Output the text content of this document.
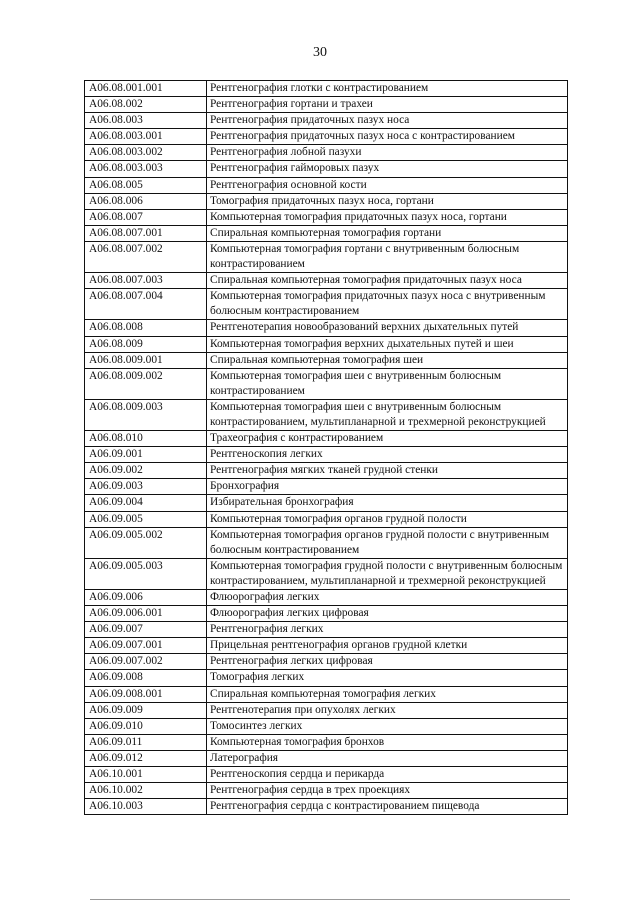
30
A06.08.001.001	Рентгенография глотки с контрастированием
A06.08.002	Рентгенография гортани и трахеи
A06.08.003	Рентгенография придаточных пазух носа
A06.08.003.001	Рентгенография придаточных пазух носа с контрастированием
A06.08.003.002	Рентгенография лобной пазухи
A06.08.003.003	Рентгенография гайморовых пазух
A06.08.005	Рентгенография основной кости
A06.08.006	Томография придаточных пазух носа, гортани
A06.08.007	Компьютерная томография придаточных пазух носа, гортани
A06.08.007.001	Спиральная компьютерная томография гортани
A06.08.007.002	Компьютерная томография гортани с внутривенным болюсным контрастированием
A06.08.007.003	Спиральная компьютерная томография придаточных пазух носа
A06.08.007.004	Компьютерная томография придаточных пазух носа с внутривенным болюсным контрастированием
A06.08.008	Рентгенотерапия новообразований верхних дыхательных путей
A06.08.009	Компьютерная томография верхних дыхательных путей и шеи
A06.08.009.001	Спиральная компьютерная томография шеи
A06.08.009.002	Компьютерная томография шеи с внутривенным болюсным контрастированием
A06.08.009.003	Компьютерная томография шеи с внутривенным болюсным контрастированием, мультипланарной и трехмерной реконструкцией
A06.08.010	Трахеография с контрастированием
A06.09.001	Рентгеноскопия легких
A06.09.002	Рентгенография мягких тканей грудной стенки
A06.09.003	Бронхография
A06.09.004	Избирательная бронхография
A06.09.005	Компьютерная томография органов грудной полости
A06.09.005.002	Компьютерная томография органов грудной полости с внутривенным болюсным контрастированием
A06.09.005.003	Компьютерная томография грудной полости с внутривенным болюсным контрастированием, мультипланарной и трехмерной реконструкцией
A06.09.006	Флюорография легких
A06.09.006.001	Флюорография легких цифровая
A06.09.007	Рентгенография легких
A06.09.007.001	Прицельная рентгенография органов грудной клетки
A06.09.007.002	Рентгенография легких цифровая
A06.09.008	Томография легких
A06.09.008.001	Спиральная компьютерная томография легких
A06.09.009	Рентгенотерапия при опухолях легких
A06.09.010	Томосинтез легких
A06.09.011	Компьютерная томография бронхов
A06.09.012	Латерография
A06.10.001	Рентгеноскопия сердца и перикарда
A06.10.002	Рентгенография сердца в трех проекциях
A06.10.003	Рентгенография сердца с контрастированием пищевода
